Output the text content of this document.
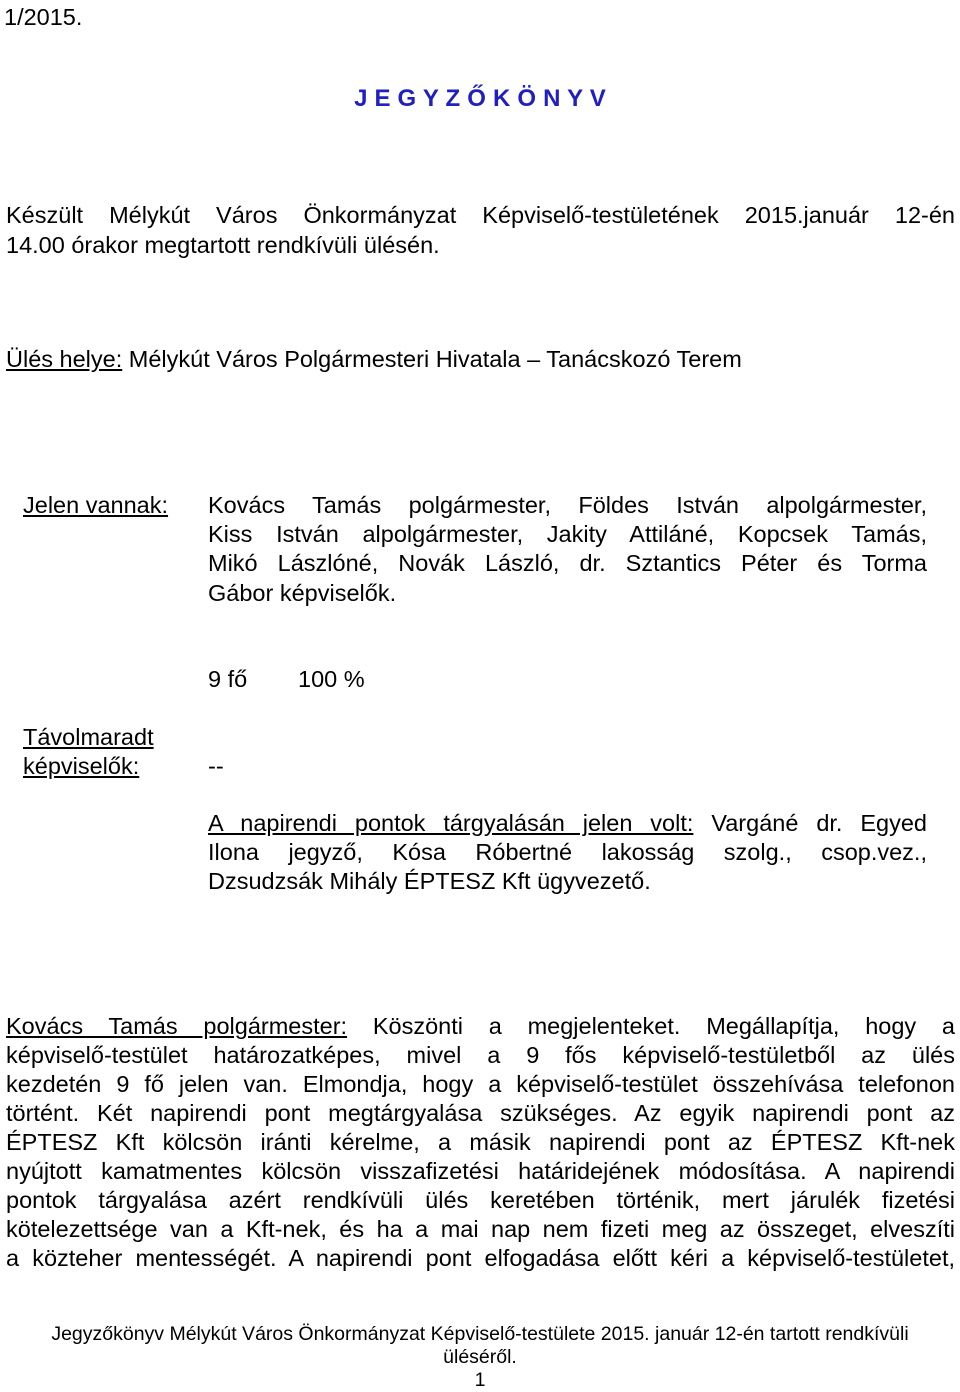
1/2015.
J E G Y Z Ő K Ö N Y V
Készült Mélykút Város Önkormányzat Képviselő-testületének 2015.január 12-én
14.00 órakor megtartott rendkívüli ülésén.
Ülés helye: Mélykút Város Polgármesteri Hivatala – Tanácskozó Terem
Jelen vannak: Kovács Tamás polgármester, Földes István alpolgármester,
Kiss István alpolgármester, Jakity Attiláné, Kopcsek Tamás,
Mikó Lászlóné, Novák László, dr. Sztantics Péter és Torma
Gábor képviselők.
9 fő 100 %
Távolmaradt
képviselők:	--
A napirendi pontok tárgyalásán jelen volt: Vargáné dr. Egyed
Ilona jegyző, Kósa Róbertné lakosság szolg., csop.vez.,
Dzsudzsák Mihály ÉPTESZ Kft ügyvezető.
Kovács Tamás polgármester: Köszönti a megjelenteket. Megállapítja, hogy a
képviselő-testület határozatképes, mivel a 9 fős képviselő-testületből az ülés
kezdetén 9 fő jelen van. Elmondja, hogy a képviselő-testület összehívása telefonon
történt. Két napirendi pont megtárgyalása szükséges. Az egyik napirendi pont az
ÉPTESZ Kft kölcsön iránti kérelme, a másik napirendi pont az ÉPTESZ Kft-nek
nyújtott kamatmentes kölcsön visszafizetési határidejének módosítása. A napirendi
pontok tárgyalása azért rendkívüli ülés keretében történik, mert járulék fizetési
kötelezettsége van a Kft-nek, és ha a mai nap nem fizeti meg az összeget, elveszíti
a közteher mentességét. A napirendi pont elfogadása előtt kéri a képviselő-testületet,
Jegyzőkönyv Mélykút Város Önkormányzat Képviselő-testülete 2015. január 12-én tartott rendkívüli
üléséről.
1
